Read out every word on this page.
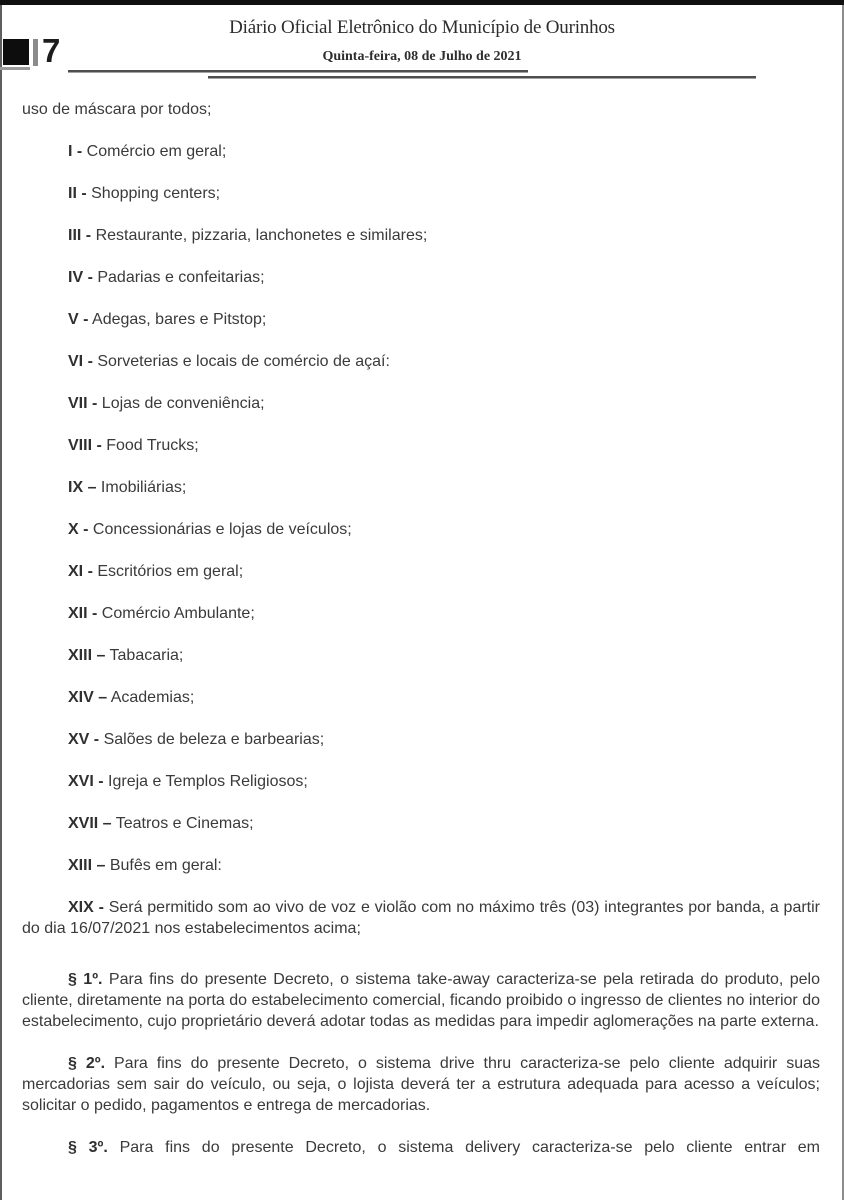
7
Diário Oficial Eletrônico do Município de Ourinhos
Quinta-feira, 08 de Julho de 2021

uso de máscara por todos;

I - Comércio em geral;

II - Shopping centers;

III - Restaurante, pizzaria, lanchonetes e similares;

IV - Padarias e confeitarias;

V - Adegas, bares e Pitstop;

VI - Sorveterias e locais de comércio de açaí:

VII - Lojas de conveniência;

VIII - Food Trucks;

IX – Imobiliárias;

X - Concessionárias e lojas de veículos;

XI - Escritórios em geral;

XII - Comércio Ambulante;

XIII – Tabacaria;

XIV – Academias;

XV - Salões de beleza e barbearias;

XVI - Igreja e Templos Religiosos;

XVII – Teatros e Cinemas;

XIII – Bufês em geral:

XIX - Será permitido som ao vivo de voz e violão com no máximo três (03) integrantes por banda, a partir do dia 16/07/2021 nos estabelecimentos acima;

§ 1º. Para fins do presente Decreto, o sistema take-away caracteriza-se pela retirada do produto, pelo cliente, diretamente na porta do estabelecimento comercial, ficando proibido o ingresso de clientes no interior do estabelecimento, cujo proprietário deverá adotar todas as medidas para impedir aglomerações na parte externa.

§ 2º. Para fins do presente Decreto, o sistema drive thru caracteriza-se pelo cliente adquirir suas mercadorias sem sair do veículo, ou seja, o lojista deverá ter a estrutura adequada para acesso a veículos; solicitar o pedido, pagamentos e entrega de mercadorias.

§ 3º. Para fins do presente Decreto, o sistema delivery caracteriza-se pelo cliente entrar em
